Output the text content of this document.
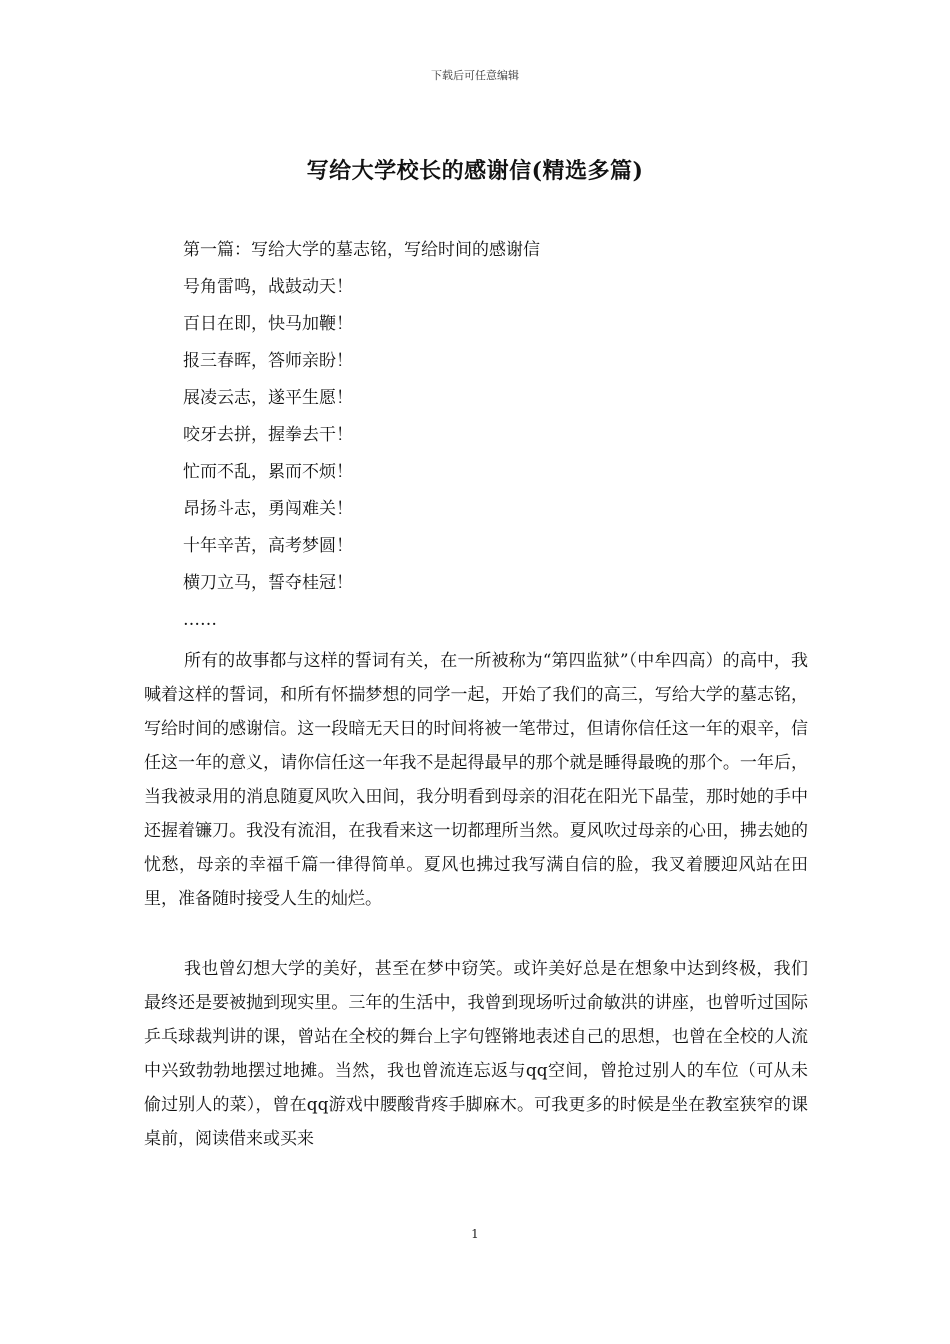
下载后可任意编辑
写给大学校长的感谢信(精选多篇)
第一篇：写给大学的墓志铭，写给时间的感谢信
号角雷鸣，战鼓动天！
百日在即，快马加鞭！
报三春晖，答师亲盼！
展凌云志，遂平生愿！
咬牙去拼，握拳去干！
忙而不乱，累而不烦！
昂扬斗志，勇闯难关！
十年辛苦，高考梦圆！
横刀立马，誓夺桂冠！
……

所有的故事都与这样的誓词有关，在一所被称为“第四监狱”（中牟四高）的高中，我喊着这样的誓词，和所有怀揣梦想的同学一起，开始了我们的高三，写给大学的墓志铭，写给时间的感谢信。这一段暗无天日的时间将被一笔带过，但请你信任这一年的艰辛，信任这一年的意义，请你信任这一年我不是起得最早的那个就是睡得最晚的那个。一年后，当我被录用的消息随夏风吹入田间，我分明看到母亲的泪花在阳光下晶莹，那时她的手中还握着镰刀。我没有流泪，在我看来这一切都理所当然。夏风吹过母亲的心田，拂去她的忧愁，母亲的幸福千篇一律得简单。夏风也拂过我写满自信的脸，我叉着腰迎风站在田里，准备随时接受人生的灿烂。

我也曾幻想大学的美好，甚至在梦中窃笑。或许美好总是在想象中达到终极，我们最终还是要被抛到现实里。三年的生活中，我曾到现场听过俞敏洪的讲座，也曾听过国际乒乓球裁判讲的课，曾站在全校的舞台上字句铿锵地表述自己的思想，也曾在全校的人流中兴致勃勃地摆过地摊。当然，我也曾流连忘返与qq空间，曾抢过别人的车位（可从未偷过别人的菜），曾在qq游戏中腰酸背疼手脚麻木。可我更多的时候是坐在教室狭窄的课桌前，阅读借来或买来

1
